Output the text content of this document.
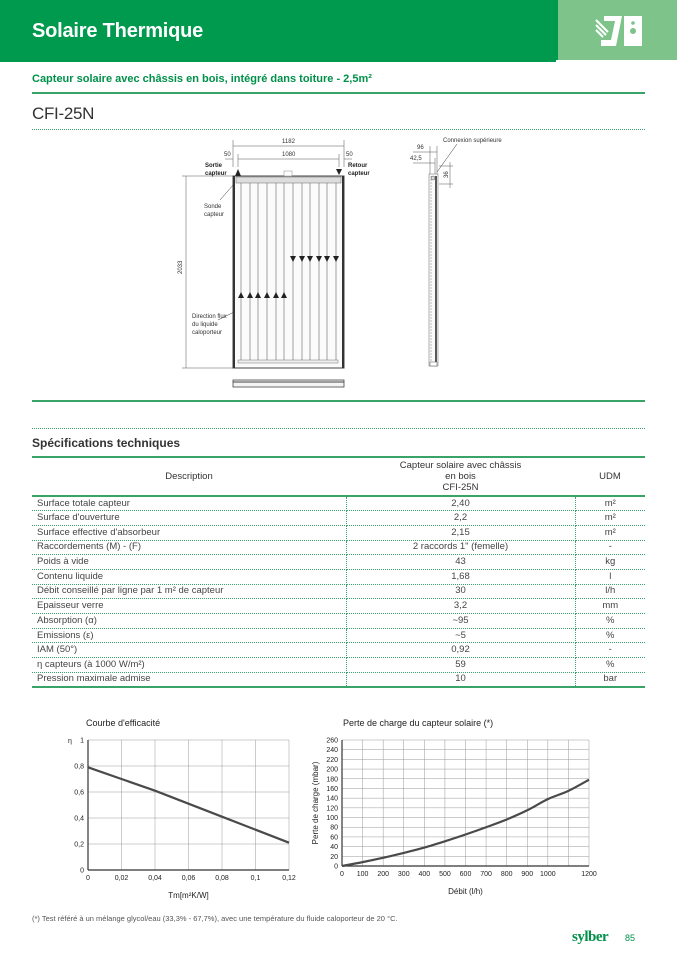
Solaire Thermique
Capteur solaire avec châssis en bois, intégré dans toiture - 2,5m²
CFI-25N
1182
1080
50	50
2033
Sortie
capteur
Retour
capteur
Sonde
capteur
Direction flux
du liquide
caloporteur
96
42,5
36
Connexion supérieure
Spécifications techniques
Description	Capteur solaire avec châssis
en bois
CFI-25N	UDM
Surface totale capteur	2,40	m²
Surface d'ouverture	2,2	m²
Surface effective d'absorbeur	2,15	m²
Raccordements (M) - (F)	2 raccords 1" (femelle)	-
Poids à vide	43	kg
Contenu liquide	1,68	l
Débit conseillé par ligne par 1 m² de capteur	30	l/h
Epaisseur verre	3,2	mm
Absorption (α)	~95	%
Emissions (ε)	~5	%
IAM (50°)	0,92	-
η capteurs (à 1000 W/m²)	59	%
Pression maximale admise	10	bar
Courbe d'efficacité
0
0,2
0,4
0,6
0,8
1
0	0,02	0,04	0,06	0,08	0,1	0,12
Tm[m²K/W]
η
Perte de charge du capteur solaire (*)
0
20
40
60
80
100
120
140
160
180
200
220
240
260
0 100 200 300 400 500 600 700 800 900 1000	1200
Débit (l/h)
Perte de charge (mbar)
(*) Test référé à un mélange glycol/eau (33,3% - 67,7%), avec une température du fluide caloporteur de 20 °C.
sylber 85
